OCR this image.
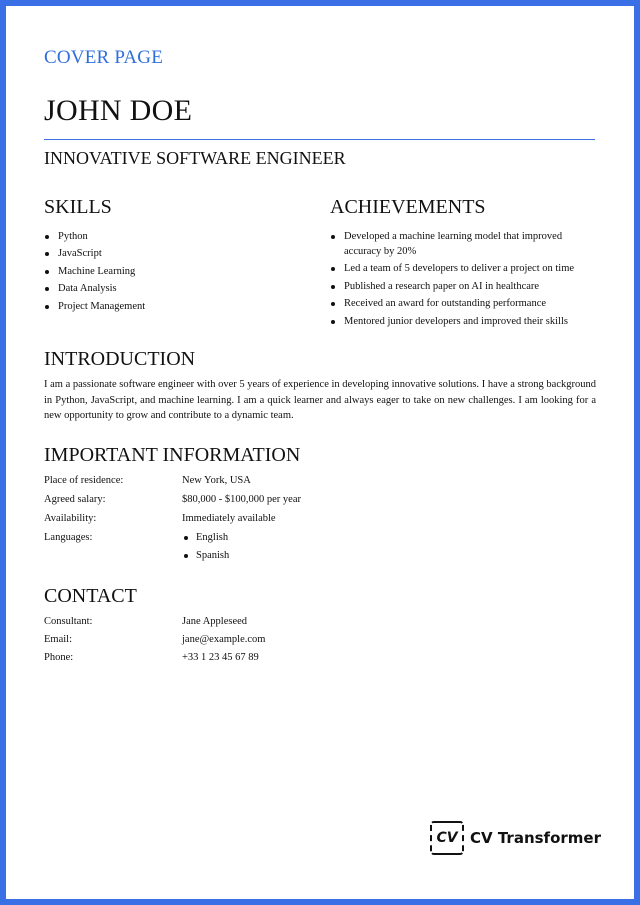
COVER PAGE
JOHN DOE
INNOVATIVE SOFTWARE ENGINEER
SKILLS
Python
JavaScript
Machine Learning
Data Analysis
Project Management
ACHIEVEMENTS
Developed a machine learning model that improved accuracy by 20%
Led a team of 5 developers to deliver a project on time
Published a research paper on AI in healthcare
Received an award for outstanding performance
Mentored junior developers and improved their skills
INTRODUCTION

I am a passionate software engineer with over 5 years of experience in developing innovative solutions. I have a strong background in Python, JavaScript, and machine learning. I am a quick learner and always eager to take on new challenges. I am looking for a new opportunity to grow and contribute to a dynamic team.

IMPORTANT INFORMATION
Place of residence:	New York, USA
Agreed salary:	$80,000 - $100,000 per year
Availability:	Immediately available
Languages:	English
Spanish
CONTACT
Consultant:	Jane Appleseed
Email:	jane@example.com
Phone:	+33 1 23 45 67 89
CV CV Transformer
